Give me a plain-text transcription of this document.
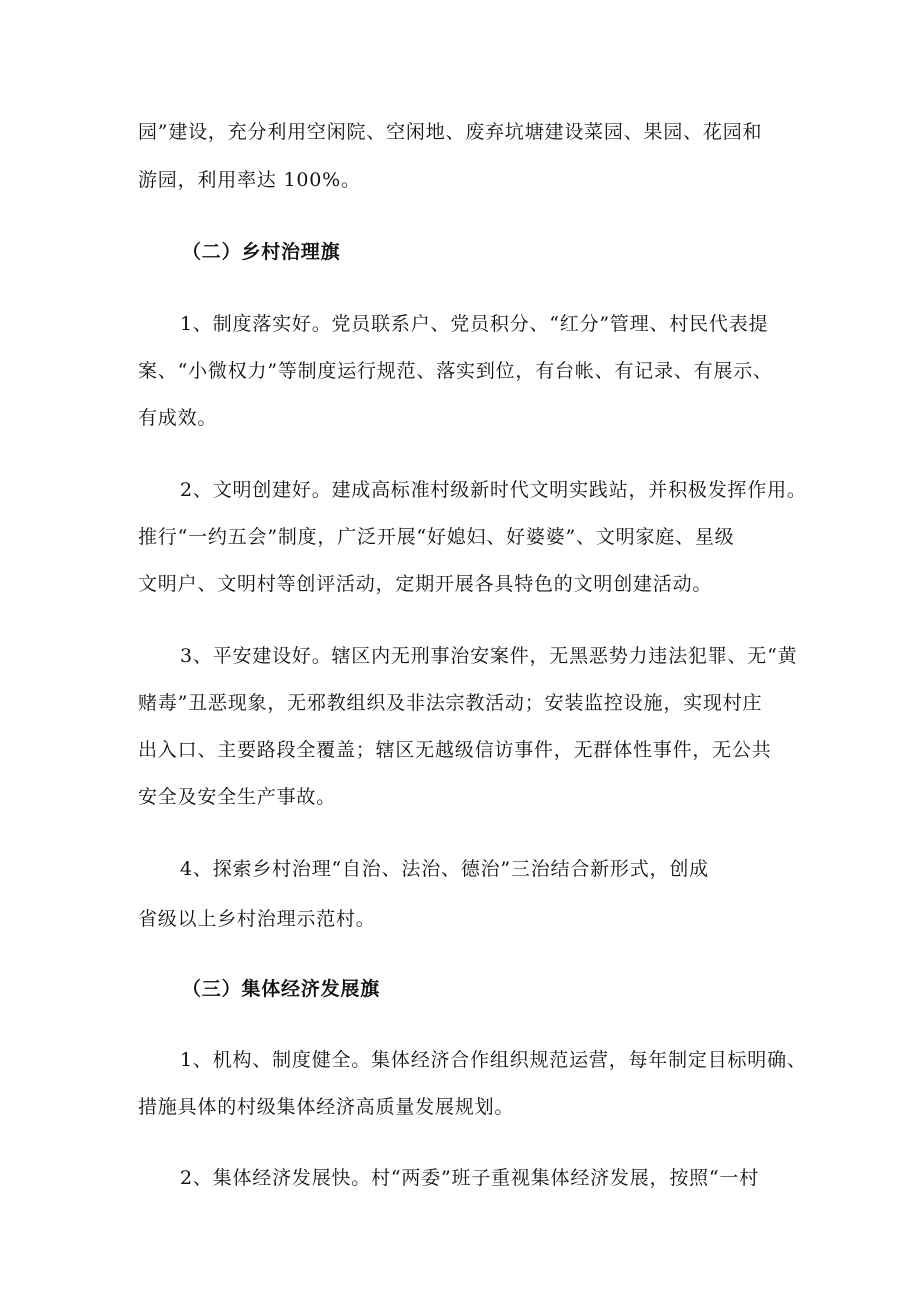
园”建设，充分利用空闲院、空闲地、废弃坑塘建设菜园、果园、花园和
游园，利用率达 100%。
（二）乡村治理旗
1、制度落实好。党员联系户、党员积分、“红分”管理、村民代表提
案、“小微权力”等制度运行规范、落实到位，有台帐、有记录、有展示、
有成效。
2、文明创建好。建成高标准村级新时代文明实践站，并积极发挥作用。
推行“一约五会”制度，广泛开展“好媳妇、好婆婆”、文明家庭、星级
文明户、文明村等创评活动，定期开展各具特色的文明创建活动。
3、平安建设好。辖区内无刑事治安案件，无黑恶势力违法犯罪、无“黄
赌毒”丑恶现象，无邪教组织及非法宗教活动；安装监控设施，实现村庄
出入口、主要路段全覆盖；辖区无越级信访事件，无群体性事件，无公共
安全及安全生产事故。
4、探索乡村治理“自治、法治、德治”三治结合新形式，创成
省级以上乡村治理示范村。
（三）集体经济发展旗
1、机构、制度健全。集体经济合作组织规范运营，每年制定目标明确、
措施具体的村级集体经济高质量发展规划。
2、集体经济发展快。村“两委”班子重视集体经济发展，按照“一村
